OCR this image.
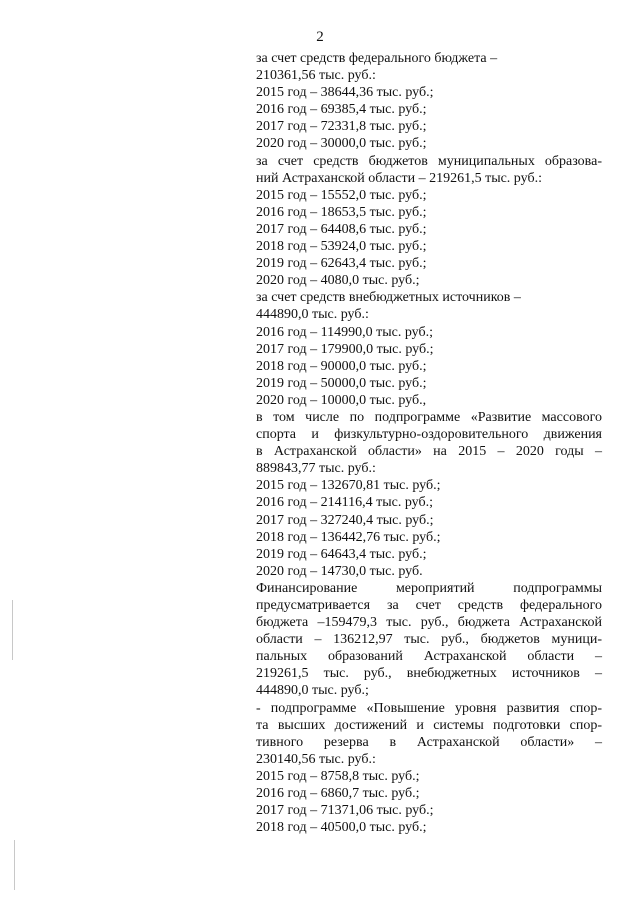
2
за счет средств федерального бюджета –
210361,56 тыс. руб.:
2015 год – 38644,36 тыс. руб.;
2016 год – 69385,4 тыс. руб.;
2017 год – 72331,8 тыс. руб.;
2020 год – 30000,0 тыс. руб.;
за счет средств бюджетов муниципальных образова-
ний Астраханской области – 219261,5 тыс. руб.:
2015 год – 15552,0 тыс. руб.;
2016 год – 18653,5 тыс. руб.;
2017 год – 64408,6 тыс. руб.;
2018 год – 53924,0 тыс. руб.;
2019 год – 62643,4 тыс. руб.;
2020 год – 4080,0 тыс. руб.;
за счет средств внебюджетных источников –
444890,0 тыс. руб.:
2016 год – 114990,0 тыс. руб.;
2017 год – 179900,0 тыс. руб.;
2018 год – 90000,0 тыс. руб.;
2019 год – 50000,0 тыс. руб.;
2020 год – 10000,0 тыс. руб.,
в том числе по подпрограмме «Развитие массового
спорта и физкультурно-оздоровительного движения
в Астраханской области» на 2015 – 2020 годы –
889843,77 тыс. руб.:
2015 год – 132670,81 тыс. руб.;
2016 год – 214116,4 тыс. руб.;
2017 год – 327240,4 тыс. руб.;
2018 год – 136442,76 тыс. руб.;
2019 год – 64643,4 тыс. руб.;
2020 год – 14730,0 тыс. руб.
Финансирование мероприятий подпрограммы
предусматривается за счет средств федерального
бюджета –159479,3 тыс. руб., бюджета Астраханской
области – 136212,97 тыс. руб., бюджетов муници-
пальных образований Астраханской области –
219261,5 тыс. руб., внебюджетных источников –
444890,0 тыс. руб.;
- подпрограмме «Повышение уровня развития спор-
та высших достижений и системы подготовки спор-
тивного резерва в Астраханской области» –
230140,56 тыс. руб.:
2015 год – 8758,8 тыс. руб.;
2016 год – 6860,7 тыс. руб.;
2017 год – 71371,06 тыс. руб.;
2018 год – 40500,0 тыс. руб.;
